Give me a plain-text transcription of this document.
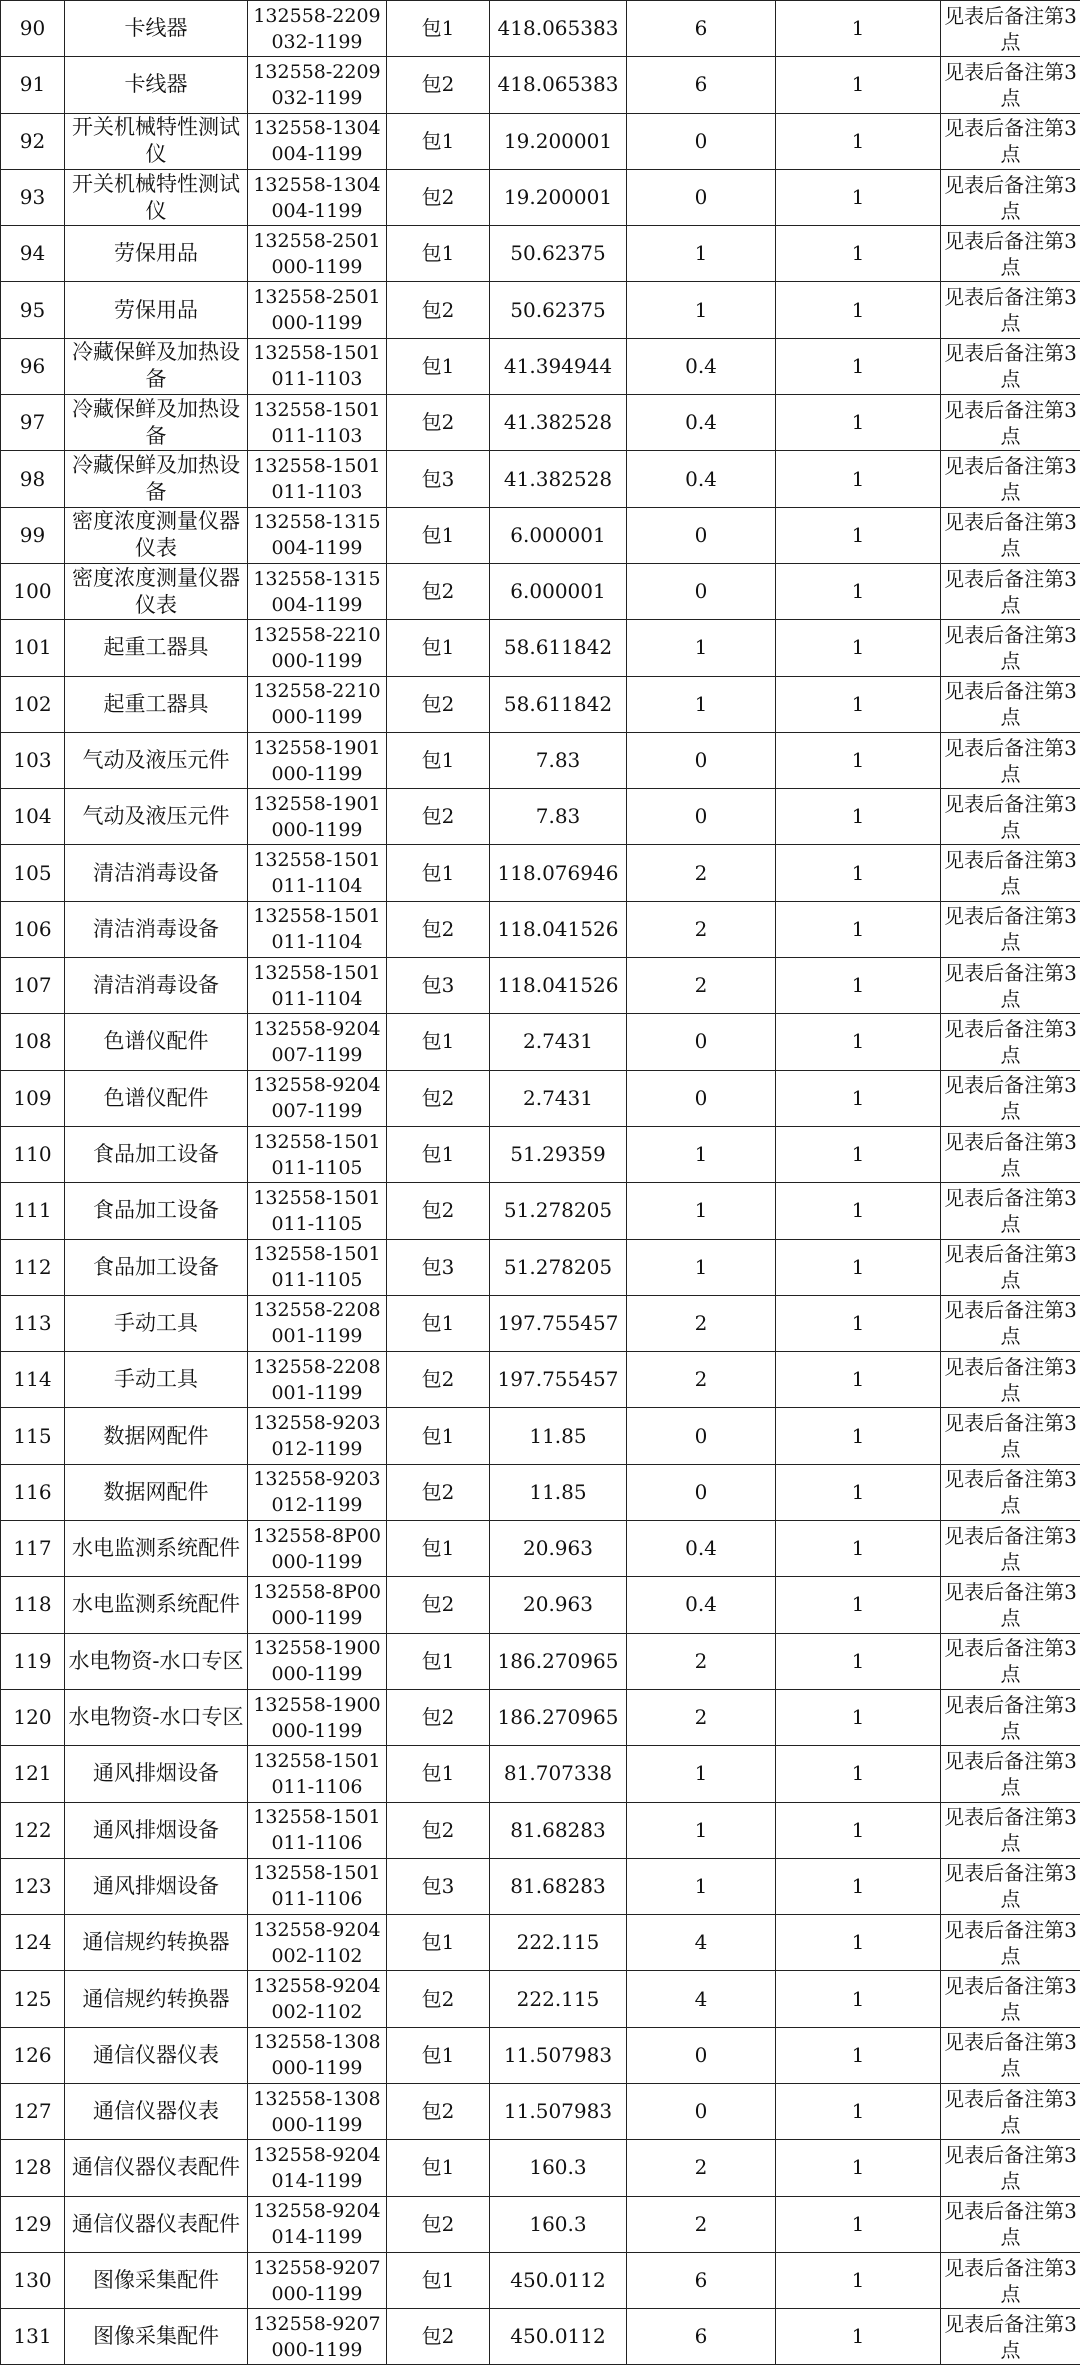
90	卡线器	132558-2209032-1199	包1	418.065383	6	1	见表后备注第3点
91	卡线器	132558-2209032-1199	包2	418.065383	6	1	见表后备注第3点
92	开关机械特性测试仪	132558-1304004-1199	包1	19.200001	0	1	见表后备注第3点
93	开关机械特性测试仪	132558-1304004-1199	包2	19.200001	0	1	见表后备注第3点
94	劳保用品	132558-2501000-1199	包1	50.62375	1	1	见表后备注第3点
95	劳保用品	132558-2501000-1199	包2	50.62375	1	1	见表后备注第3点
96	冷藏保鲜及加热设备	132558-1501011-1103	包1	41.394944	0.4	1	见表后备注第3点
97	冷藏保鲜及加热设备	132558-1501011-1103	包2	41.382528	0.4	1	见表后备注第3点
98	冷藏保鲜及加热设备	132558-1501011-1103	包3	41.382528	0.4	1	见表后备注第3点
99	密度浓度测量仪器仪表	132558-1315004-1199	包1	6.000001	0	1	见表后备注第3点
100	密度浓度测量仪器仪表	132558-1315004-1199	包2	6.000001	0	1	见表后备注第3点
101	起重工器具	132558-2210000-1199	包1	58.611842	1	1	见表后备注第3点
102	起重工器具	132558-2210000-1199	包2	58.611842	1	1	见表后备注第3点
103	气动及液压元件	132558-1901000-1199	包1	7.83	0	1	见表后备注第3点
104	气动及液压元件	132558-1901000-1199	包2	7.83	0	1	见表后备注第3点
105	清洁消毒设备	132558-1501011-1104	包1	118.076946	2	1	见表后备注第3点
106	清洁消毒设备	132558-1501011-1104	包2	118.041526	2	1	见表后备注第3点
107	清洁消毒设备	132558-1501011-1104	包3	118.041526	2	1	见表后备注第3点
108	色谱仪配件	132558-9204007-1199	包1	2.7431	0	1	见表后备注第3点
109	色谱仪配件	132558-9204007-1199	包2	2.7431	0	1	见表后备注第3点
110	食品加工设备	132558-1501011-1105	包1	51.29359	1	1	见表后备注第3点
111	食品加工设备	132558-1501011-1105	包2	51.278205	1	1	见表后备注第3点
112	食品加工设备	132558-1501011-1105	包3	51.278205	1	1	见表后备注第3点
113	手动工具	132558-2208001-1199	包1	197.755457	2	1	见表后备注第3点
114	手动工具	132558-2208001-1199	包2	197.755457	2	1	见表后备注第3点
115	数据网配件	132558-9203012-1199	包1	11.85	0	1	见表后备注第3点
116	数据网配件	132558-9203012-1199	包2	11.85	0	1	见表后备注第3点
117	水电监测系统配件	132558-8P00000-1199	包1	20.963	0.4	1	见表后备注第3点
118	水电监测系统配件	132558-8P00000-1199	包2	20.963	0.4	1	见表后备注第3点
119	水电物资-水口专区	132558-1900000-1199	包1	186.270965	2	1	见表后备注第3点
120	水电物资-水口专区	132558-1900000-1199	包2	186.270965	2	1	见表后备注第3点
121	通风排烟设备	132558-1501011-1106	包1	81.707338	1	1	见表后备注第3点
122	通风排烟设备	132558-1501011-1106	包2	81.68283	1	1	见表后备注第3点
123	通风排烟设备	132558-1501011-1106	包3	81.68283	1	1	见表后备注第3点
124	通信规约转换器	132558-9204002-1102	包1	222.115	4	1	见表后备注第3点
125	通信规约转换器	132558-9204002-1102	包2	222.115	4	1	见表后备注第3点
126	通信仪器仪表	132558-1308000-1199	包1	11.507983	0	1	见表后备注第3点
127	通信仪器仪表	132558-1308000-1199	包2	11.507983	0	1	见表后备注第3点
128	通信仪器仪表配件	132558-9204014-1199	包1	160.3	2	1	见表后备注第3点
129	通信仪器仪表配件	132558-9204014-1199	包2	160.3	2	1	见表后备注第3点
130	图像采集配件	132558-9207000-1199	包1	450.0112	6	1	见表后备注第3点
131	图像采集配件	132558-9207000-1199	包2	450.0112	6	1	见表后备注第3点
